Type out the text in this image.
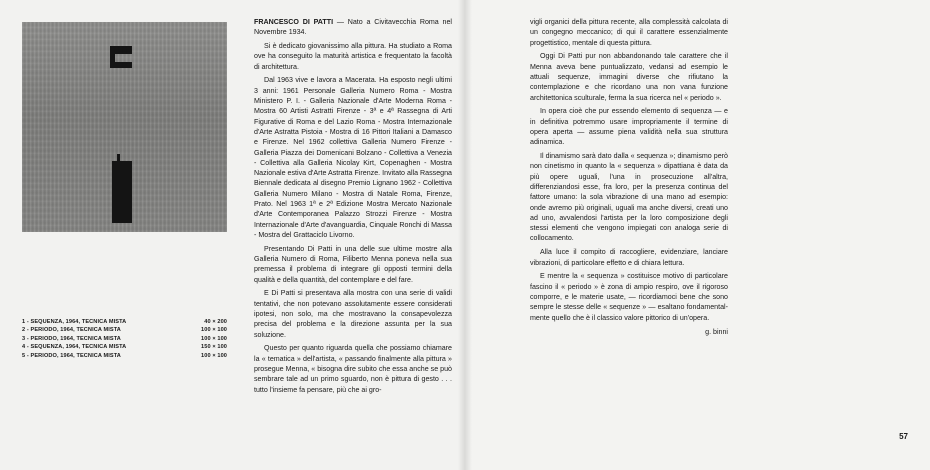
1 - SEQUENZA, 1964, TECNICA MISTA	40 × 200
2 - PERIODO, 1964, TECNICA MISTA	100 × 100
3 - PERIODO, 1964, TECNICA MISTA	100 × 100
4 - SEQUENZA, 1964, TECNICA MISTA	150 × 100
5 - PERIODO, 1964, TECNICA MISTA	100 × 100

FRANCESCO DI PATTI — Nato a Civitavecchia Roma nel Novembre 1934.

Si è dedicato giovanissimo alla pittura. Ha studiato a Roma ove ha conseguito la maturità artistica e frequentato la facoltà di architettura.

Dal 1963 vive e lavora a Macerata. Ha esposto negli ultimi 3 anni: 1961 Personale Galleria Numero Roma - Mostra Ministero P. I. - Galleria Nazionale d'Arte Moderna Roma - Mostra 60 Artisti Astratti Firenze - 3ª e 4ª Rassegna di Arti Figurative di Roma e del Lazio Roma - Mostra Internazionale d'Arte Astratta Pistoia - Mostra di 16 Pittori Italiani a Damasco e Firenze. Nel 1962 collettiva Galleria Numero Firenze - Galleria Piazza dei Domenicani Bolzano - Collettiva a Venezia - Collettiva alla Galleria Nicolay Kirt, Copenaghen - Mostra Nazionale estiva d'Arte Astratta Firenze. Invitato alla Rassegna Biennale dedicata al disegno Premio Lignano 1962 - Collettiva Galleria Numero Milano - Mostra di Natale Roma, Firenze, Prato. Nel 1963 1ª e 2ª Edizione Mostra Mercato Nazionale d'Arte Contemporanea Palazzo Strozzi Firenze - Mostra Internazionale d'Arte d'avanguardia, Cinquale Ronchi di Massa - Mostra del Grattaciclo Livorno.

Presentando Di Patti in una delle sue ultime mostre alla Galleria Numero di Roma, Filiberto Menna poneva nella sua premessa il problema di integrare gli opposti termini della qualità e della quantità, del contemplare e del fare.

E Di Patti si presentava alla mostra con una serie di validi tentativi, che non potevano assolutamente essere considerati ipotesi, non solo, ma che mostravano la consapevolezza precisa del problema e la direzione assunta per la sua soluzione.

Questo per quanto riguarda quella che possiamo chiamare la « tematica » dell'artista, « passando finalmente alla pittura » prosegue Menna, « bisogna dire subito che essa anche se può sembrare tale ad un primo sguardo, non è pittura di gesto . . . tutto l'insieme fa pensare, più che ai gro-

vigli organici della pittura recente, alla complessità calcolata di un congegno meccanico; di qui il carattere essenzialmente progettistico, mentale di questa pittura.

Oggi Di Patti pur non abbandonando tale carattere che il Menna aveva bene puntualizzato, vedansi ad esempio le attuali sequenze, immagini diverse che rifiutano la contemplazione e che ricordano una non vana funzione architettonica sculturale, ferma la sua ricerca nel « periodo ».

In opera cioè che pur essendo elemento di sequenza — e in definitiva potremmo usare impropriamente il termine di opera aperta — assume piena validità nella sua struttura adinamica.

Il dinamismo sarà dato dalla « sequenza »; dinamismo però non cinetismo in quanto la « sequenza » dipattiana è data da più opere uguali, l'una in prosecuzione all'altra, differenziandosi esse, fra loro, per la presenza continua del fattore umano: la sola vibrazione di una mano ad esempio: onde avremo più originali, uguali ma anche diversi, creati uno ad uno, avvalendosi l'artista per la loro composizione degli stessi elementi che vengono impiegati con analoga serie di collocamento.

Alla luce il compito di raccogliere, evidenziare, lanciare vibrazioni, di particolare effetto e di chiara lettura.

E mentre la « sequenza » costituisce motivo di particolare fascino il « periodo » è zona di ampio respiro, ove il rigoroso comporre, e le materie usate, — ricordiamoci bene che sono sempre le stesse delle « sequenze » — esaltano fondamentalmente quello che è il classico valore pittorico di un'opera.

g. binni
57
